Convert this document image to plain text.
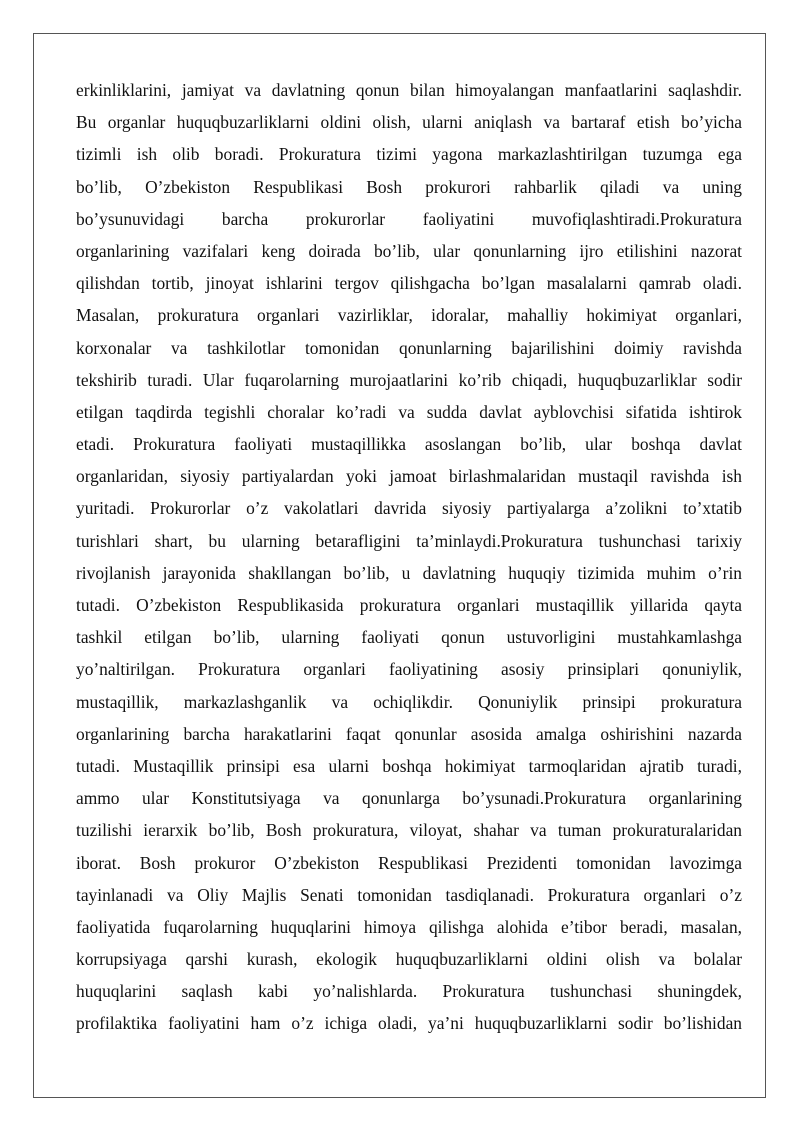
erkinliklarini, jamiyat va davlatning qonun bilan himoyalangan manfaatlarini saqlashdir.
Bu organlar huquqbuzarliklarni oldini olish, ularni aniqlash va bartaraf etish bo’yicha
tizimli ish olib boradi. Prokuratura tizimi yagona markazlashtirilgan tuzumga ega
bo’lib, O’zbekiston Respublikasi Bosh prokurori rahbarlik qiladi va uning
bo’ysunuvidagi barcha prokurorlar faoliyatini muvofiqlashtiradi.Prokuratura
organlarining vazifalari keng doirada bo’lib, ular qonunlarning ijro etilishini nazorat
qilishdan tortib, jinoyat ishlarini tergov qilishgacha bo’lgan masalalarni qamrab oladi.
Masalan, prokuratura organlari vazirliklar, idoralar, mahalliy hokimiyat organlari,
korxonalar va tashkilotlar tomonidan qonunlarning bajarilishini doimiy ravishda
tekshirib turadi. Ular fuqarolarning murojaatlarini ko’rib chiqadi, huquqbuzarliklar sodir
etilgan taqdirda tegishli choralar ko’radi va sudda davlat ayblovchisi sifatida ishtirok
etadi. Prokuratura faoliyati mustaqillikka asoslangan bo’lib, ular boshqa davlat
organlaridan, siyosiy partiyalardan yoki jamoat birlashmalaridan mustaqil ravishda ish
yuritadi. Prokurorlar o’z vakolatlari davrida siyosiy partiyalarga a’zolikni to’xtatib
turishlari shart, bu ularning betarafligini ta’minlaydi.Prokuratura tushunchasi tarixiy
rivojlanish jarayonida shakllangan bo’lib, u davlatning huquqiy tizimida muhim o’rin
tutadi. O’zbekiston Respublikasida prokuratura organlari mustaqillik yillarida qayta
tashkil etilgan bo’lib, ularning faoliyati qonun ustuvorligini mustahkamlashga
yo’naltirilgan. Prokuratura organlari faoliyatining asosiy prinsiplari qonuniylik,
mustaqillik, markazlashganlik va ochiqlikdir. Qonuniylik prinsipi prokuratura
organlarining barcha harakatlarini faqat qonunlar asosida amalga oshirishini nazarda
tutadi. Mustaqillik prinsipi esa ularni boshqa hokimiyat tarmoqlaridan ajratib turadi,
ammo ular Konstitutsiyaga va qonunlarga bo’ysunadi.Prokuratura organlarining
tuzilishi ierarxik bo’lib, Bosh prokuratura, viloyat, shahar va tuman prokuraturalaridan
iborat. Bosh prokuror O’zbekiston Respublikasi Prezidenti tomonidan lavozimga
tayinlanadi va Oliy Majlis Senati tomonidan tasdiqlanadi. Prokuratura organlari o’z
faoliyatida fuqarolarning huquqlarini himoya qilishga alohida e’tibor beradi, masalan,
korrupsiyaga qarshi kurash, ekologik huquqbuzarliklarni oldini olish va bolalar
huquqlarini saqlash kabi yo’nalishlarda. Prokuratura tushunchasi shuningdek,
profilaktika faoliyatini ham o’z ichiga oladi, ya’ni huquqbuzarliklarni sodir bo’lishidan
